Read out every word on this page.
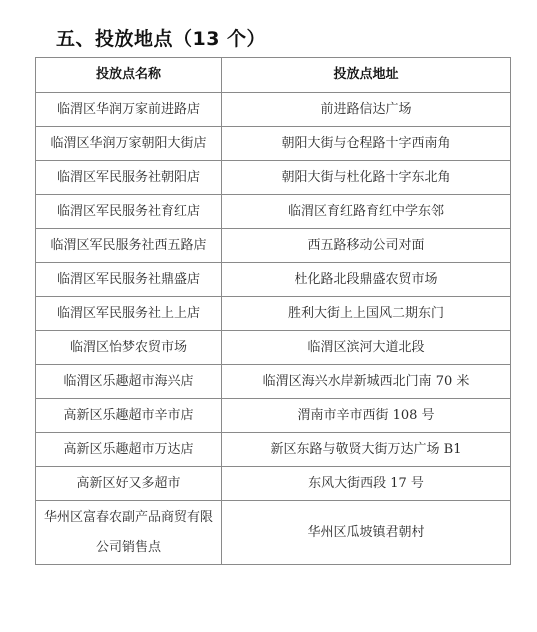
五、投放地点（13 个）
投放点名称	投放点地址
临渭区华润万家前进路店	前进路信达广场
临渭区华润万家朝阳大街店	朝阳大街与仓程路十字西南角
临渭区军民服务社朝阳店	朝阳大街与杜化路十字东北角
临渭区军民服务社育红店	临渭区育红路育红中学东邻
临渭区军民服务社西五路店	西五路移动公司对面
临渭区军民服务社鼎盛店	杜化路北段鼎盛农贸市场
临渭区军民服务社上上店	胜利大街上上国风二期东门
临渭区怡梦农贸市场	临渭区滨河大道北段
临渭区乐趣超市海兴店	临渭区海兴水岸新城西北门南 70 米
高新区乐趣超市辛市店	渭南市辛市西街 108 号
高新区乐趣超市万达店	新区东路与敬贤大街万达广场 B1
高新区好又多超市	东风大街西段 17 号
华州区富春农副产品商贸有限公司销售点	华州区瓜坡镇君朝村
